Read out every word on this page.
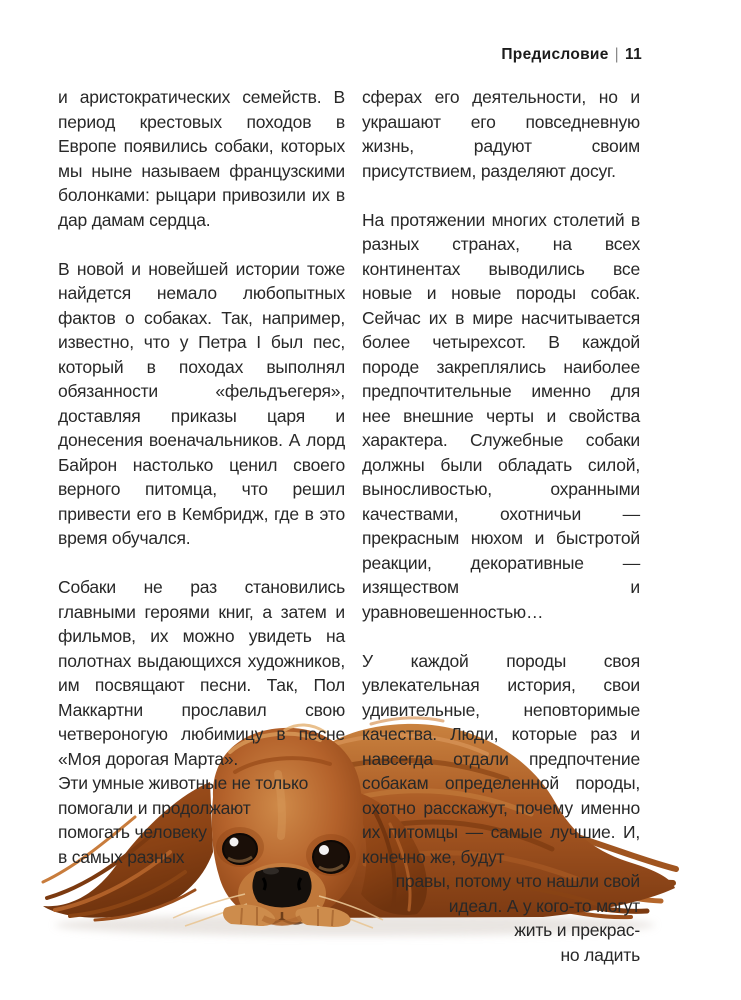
Предисловие | 11

и аристократических семейств. В период крестовых походов в Европе появились собаки, которых мы ныне называем французскими болонками: рыцари привозили их в дар дамам сердца.

В новой и новейшей истории тоже найдется немало любопытных фактов о собаках. Так, например, известно, что у Петра I был пес, который в походах выполнял обязанности «фельдъегеря», доставляя приказы царя и донесения военачальников. А лорд Байрон настолько ценил своего верного питомца, что решил привести его в Кембридж, где в это время обучался.

Собаки не раз становились главными героями книг, а затем и фильмов, их можно увидеть на полотнах выдающихся художников, им посвящают песни. Так, Пол Маккартни прославил свою четвероногую любимицу в песне «Моя дорогая Марта».

Эти умные животные не только
помогали и продолжают
помогать человеку
в самых разных

сферах его деятельности, но и украшают его повседневную жизнь, радуют своим присутствием, разделяют досуг.

На протяжении многих столетий в разных странах, на всех континентах выводились все новые и новые породы собак. Сейчас их в мире насчитывается более четырехсот. В каждой породе закреплялись наиболее предпочтительные именно для нее внешние черты и свойства характера. Служебные собаки должны были обладать силой, выносливостью, охранными качествами, охотничьи — прекрасным нюхом и быстротой реакции, декоративные — изяществом и уравновешенностью…

У каждой породы своя увлекательная история, свои удивительные, неповторимые качества. Люди, которые раз и навсегда отдали предпочтение собакам определенной породы, охотно расскажут, почему именно их питомцы — самые лучшие. И, конечно же, будут

правы, потому что нашли свой
идеал. А у кого-то могут
жить и прекрас-
но ладить
